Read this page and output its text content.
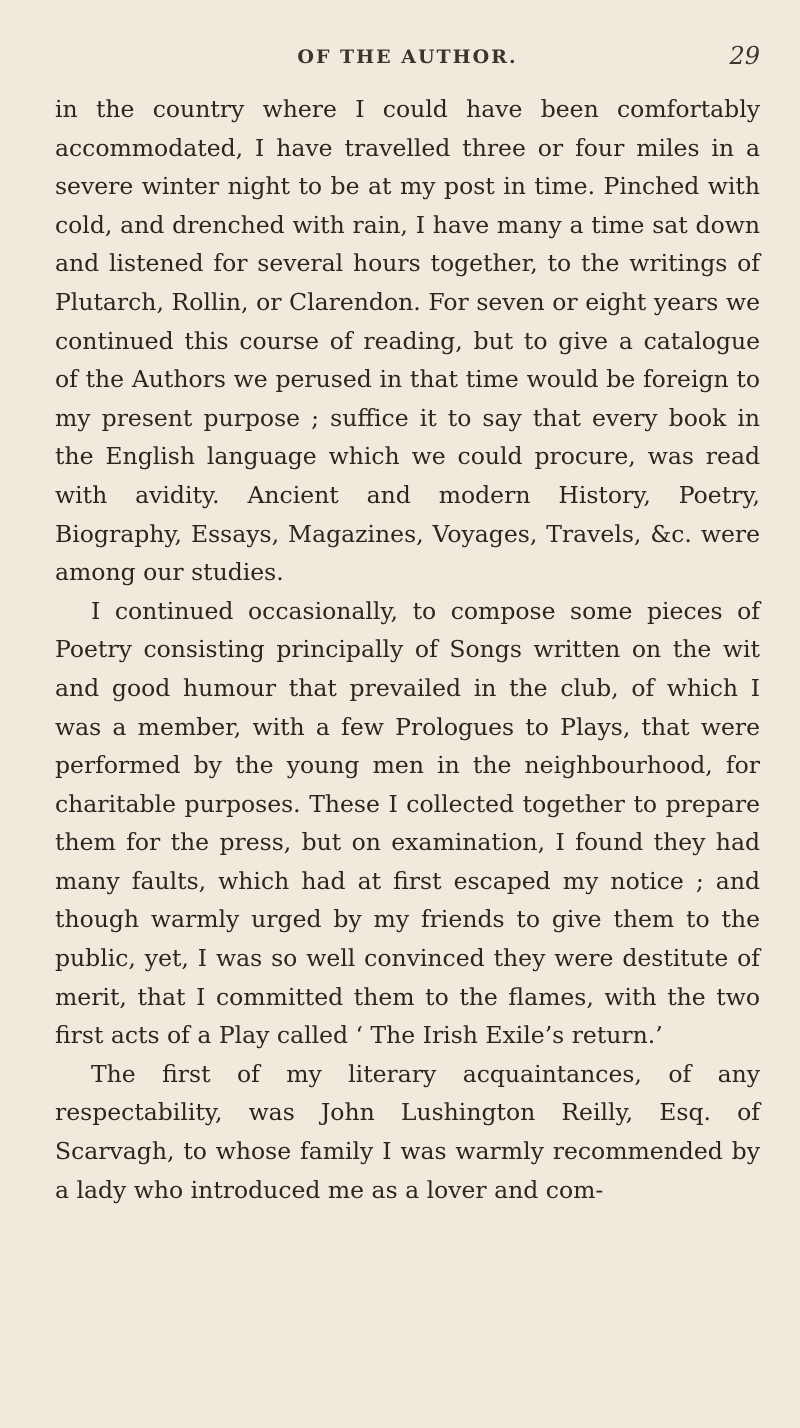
OF THE AUTHOR.	29

in the country where I could have been comfortably accommodated, I have travelled three or four miles in a severe winter night to be at my post in time. Pinched with cold, and drenched with rain, I have many a time sat down and listened for several hours together, to the writings of Plutarch, Rollin, or Clarendon. For seven or eight years we continued this course of reading, but to give a catalogue of the Authors we perused in that time would be foreign to my present purpose ; suffice it to say that every book in the English language which we could procure, was read with avidity. Ancient and modern History, Poetry, Biography, Essays, Magazines, Voyages, Travels, &c. were among our studies.

I continued occasionally, to compose some pieces of Poetry consisting principally of Songs written on the wit and good humour that prevailed in the club, of which I was a member, with a few Prologues to Plays, that were performed by the young men in the neighbourhood, for charitable purposes. These I collected together to prepare them for the press, but on examination, I found they had many faults, which had at first escaped my notice ; and though warmly urged by my friends to give them to the public, yet, I was so well convinced they were destitute of merit, that I committed them to the flames, with the two first acts of a Play called ‘ The Irish Exile’s return.’

The first of my literary acquaintances, of any respectability, was John Lushington Reilly, Esq. of Scarvagh, to whose family I was warmly recommended by a lady who introduced me as a lover and com-
